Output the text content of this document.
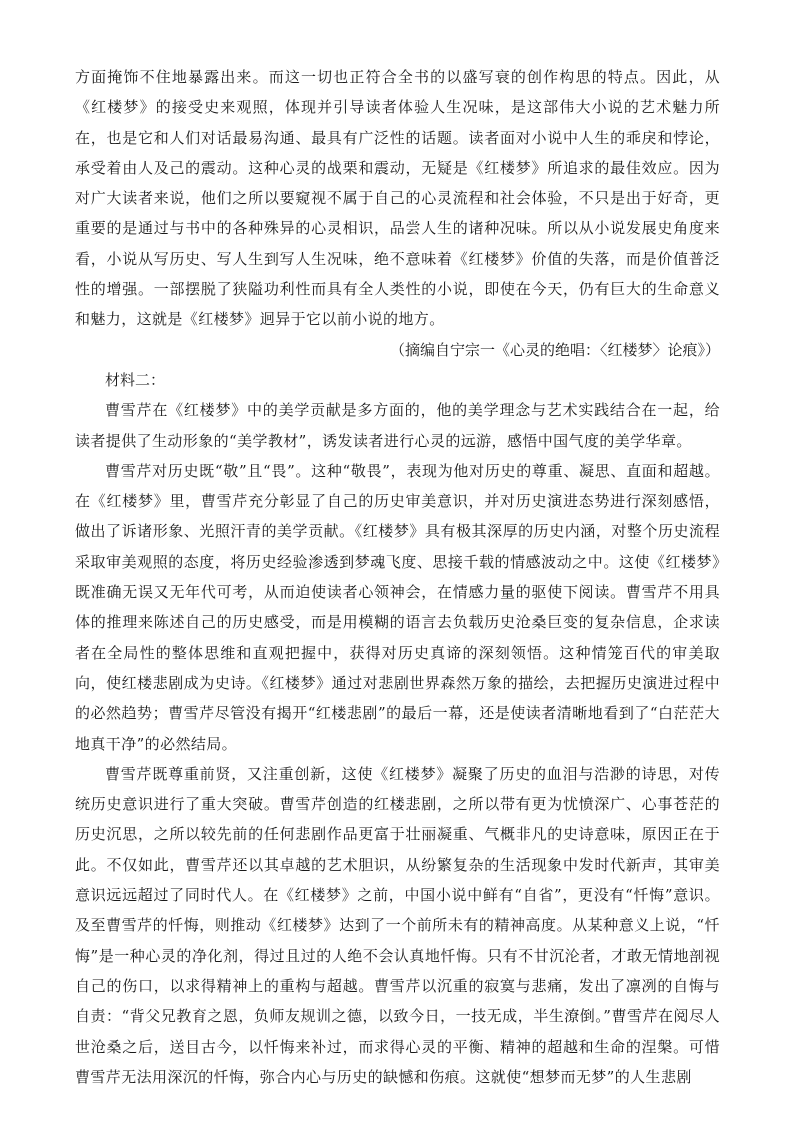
方面掩饰不住地暴露出来。而这一切也正符合全书的以盛写衰的创作构思的特点。因此，从《红楼梦》的接受史来观照，体现并引导读者体验人生况味，是这部伟大小说的艺术魅力所在，也是它和人们对话最易沟通、最具有广泛性的话题。读者面对小说中人生的乖戾和悖论，承受着由人及己的震动。这种心灵的战栗和震动，无疑是《红楼梦》所追求的最佳效应。因为对广大读者来说，他们之所以要窥视不属于自己的心灵流程和社会体验，不只是出于好奇，更重要的是通过与书中的各种殊异的心灵相识，品尝人生的诸种况味。所以从小说发展史角度来看，小说从写历史、写人生到写人生况味，绝不意味着《红楼梦》价值的失落，而是价值普泛性的增强。一部摆脱了狭隘功利性而具有全人类性的小说，即使在今天，仍有巨大的生命意义和魅力，这就是《红楼梦》迥异于它以前小说的地方。

（摘编自宁宗一《心灵的绝唱：〈红楼梦〉论痕》）

材料二：

曹雪芹在《红楼梦》中的美学贡献是多方面的，他的美学理念与艺术实践结合在一起，给读者提供了生动形象的“美学教材”，诱发读者进行心灵的远游，感悟中国气度的美学华章。

曹雪芹对历史既“敬”且“畏”。这种“敬畏”，表现为他对历史的尊重、凝思、直面和超越。在《红楼梦》里，曹雪芹充分彰显了自己的历史审美意识，并对历史演进态势进行深刻感悟，做出了诉诸形象、光照汗青的美学贡献。《红楼梦》具有极其深厚的历史内涵，对整个历史流程采取审美观照的态度，将历史经验渗透到梦魂飞度、思接千载的情感波动之中。这使《红楼梦》既准确无误又无年代可考，从而迫使读者心领神会，在情感力量的驱使下阅读。曹雪芹不用具体的推理来陈述自己的历史感受，而是用模糊的语言去负载历史沧桑巨变的复杂信息，企求读者在全局性的整体思维和直观把握中，获得对历史真谛的深刻领悟。这种情笼百代的审美取向，使红楼悲剧成为史诗。《红楼梦》通过对悲剧世界森然万象的描绘，去把握历史演进过程中的必然趋势；曹雪芹尽管没有揭开“红楼悲剧”的最后一幕，还是使读者清晰地看到了“白茫茫大地真干净”的必然结局。

曹雪芹既尊重前贤，又注重创新，这使《红楼梦》凝聚了历史的血泪与浩渺的诗思，对传统历史意识进行了重大突破。曹雪芹创造的红楼悲剧，之所以带有更为忧愤深广、心事苍茫的历史沉思，之所以较先前的任何悲剧作品更富于壮丽凝重、气概非凡的史诗意味，原因正在于此。不仅如此，曹雪芹还以其卓越的艺术胆识，从纷繁复杂的生活现象中发时代新声，其审美意识远远超过了同时代人。在《红楼梦》之前，中国小说中鲜有“自省”，更没有“忏悔”意识。及至曹雪芹的忏悔，则推动《红楼梦》达到了一个前所未有的精神高度。从某种意义上说，“忏悔”是一种心灵的净化剂，得过且过的人绝不会认真地忏悔。只有不甘沉沦者，才敢无情地剖视自己的伤口，以求得精神上的重构与超越。曹雪芹以沉重的寂寞与悲痛，发出了凛冽的自悔与自责：“背父兄教育之恩，负师友规训之德，以致今日，一技无成，半生潦倒。”曹雪芹在阅尽人世沧桑之后，送目古今，以忏悔来补过，而求得心灵的平衡、精神的超越和生命的涅槃。可惜曹雪芹无法用深沉的忏悔，弥合内心与历史的缺憾和伤痕。这就使“想梦而无梦”的人生悲剧
